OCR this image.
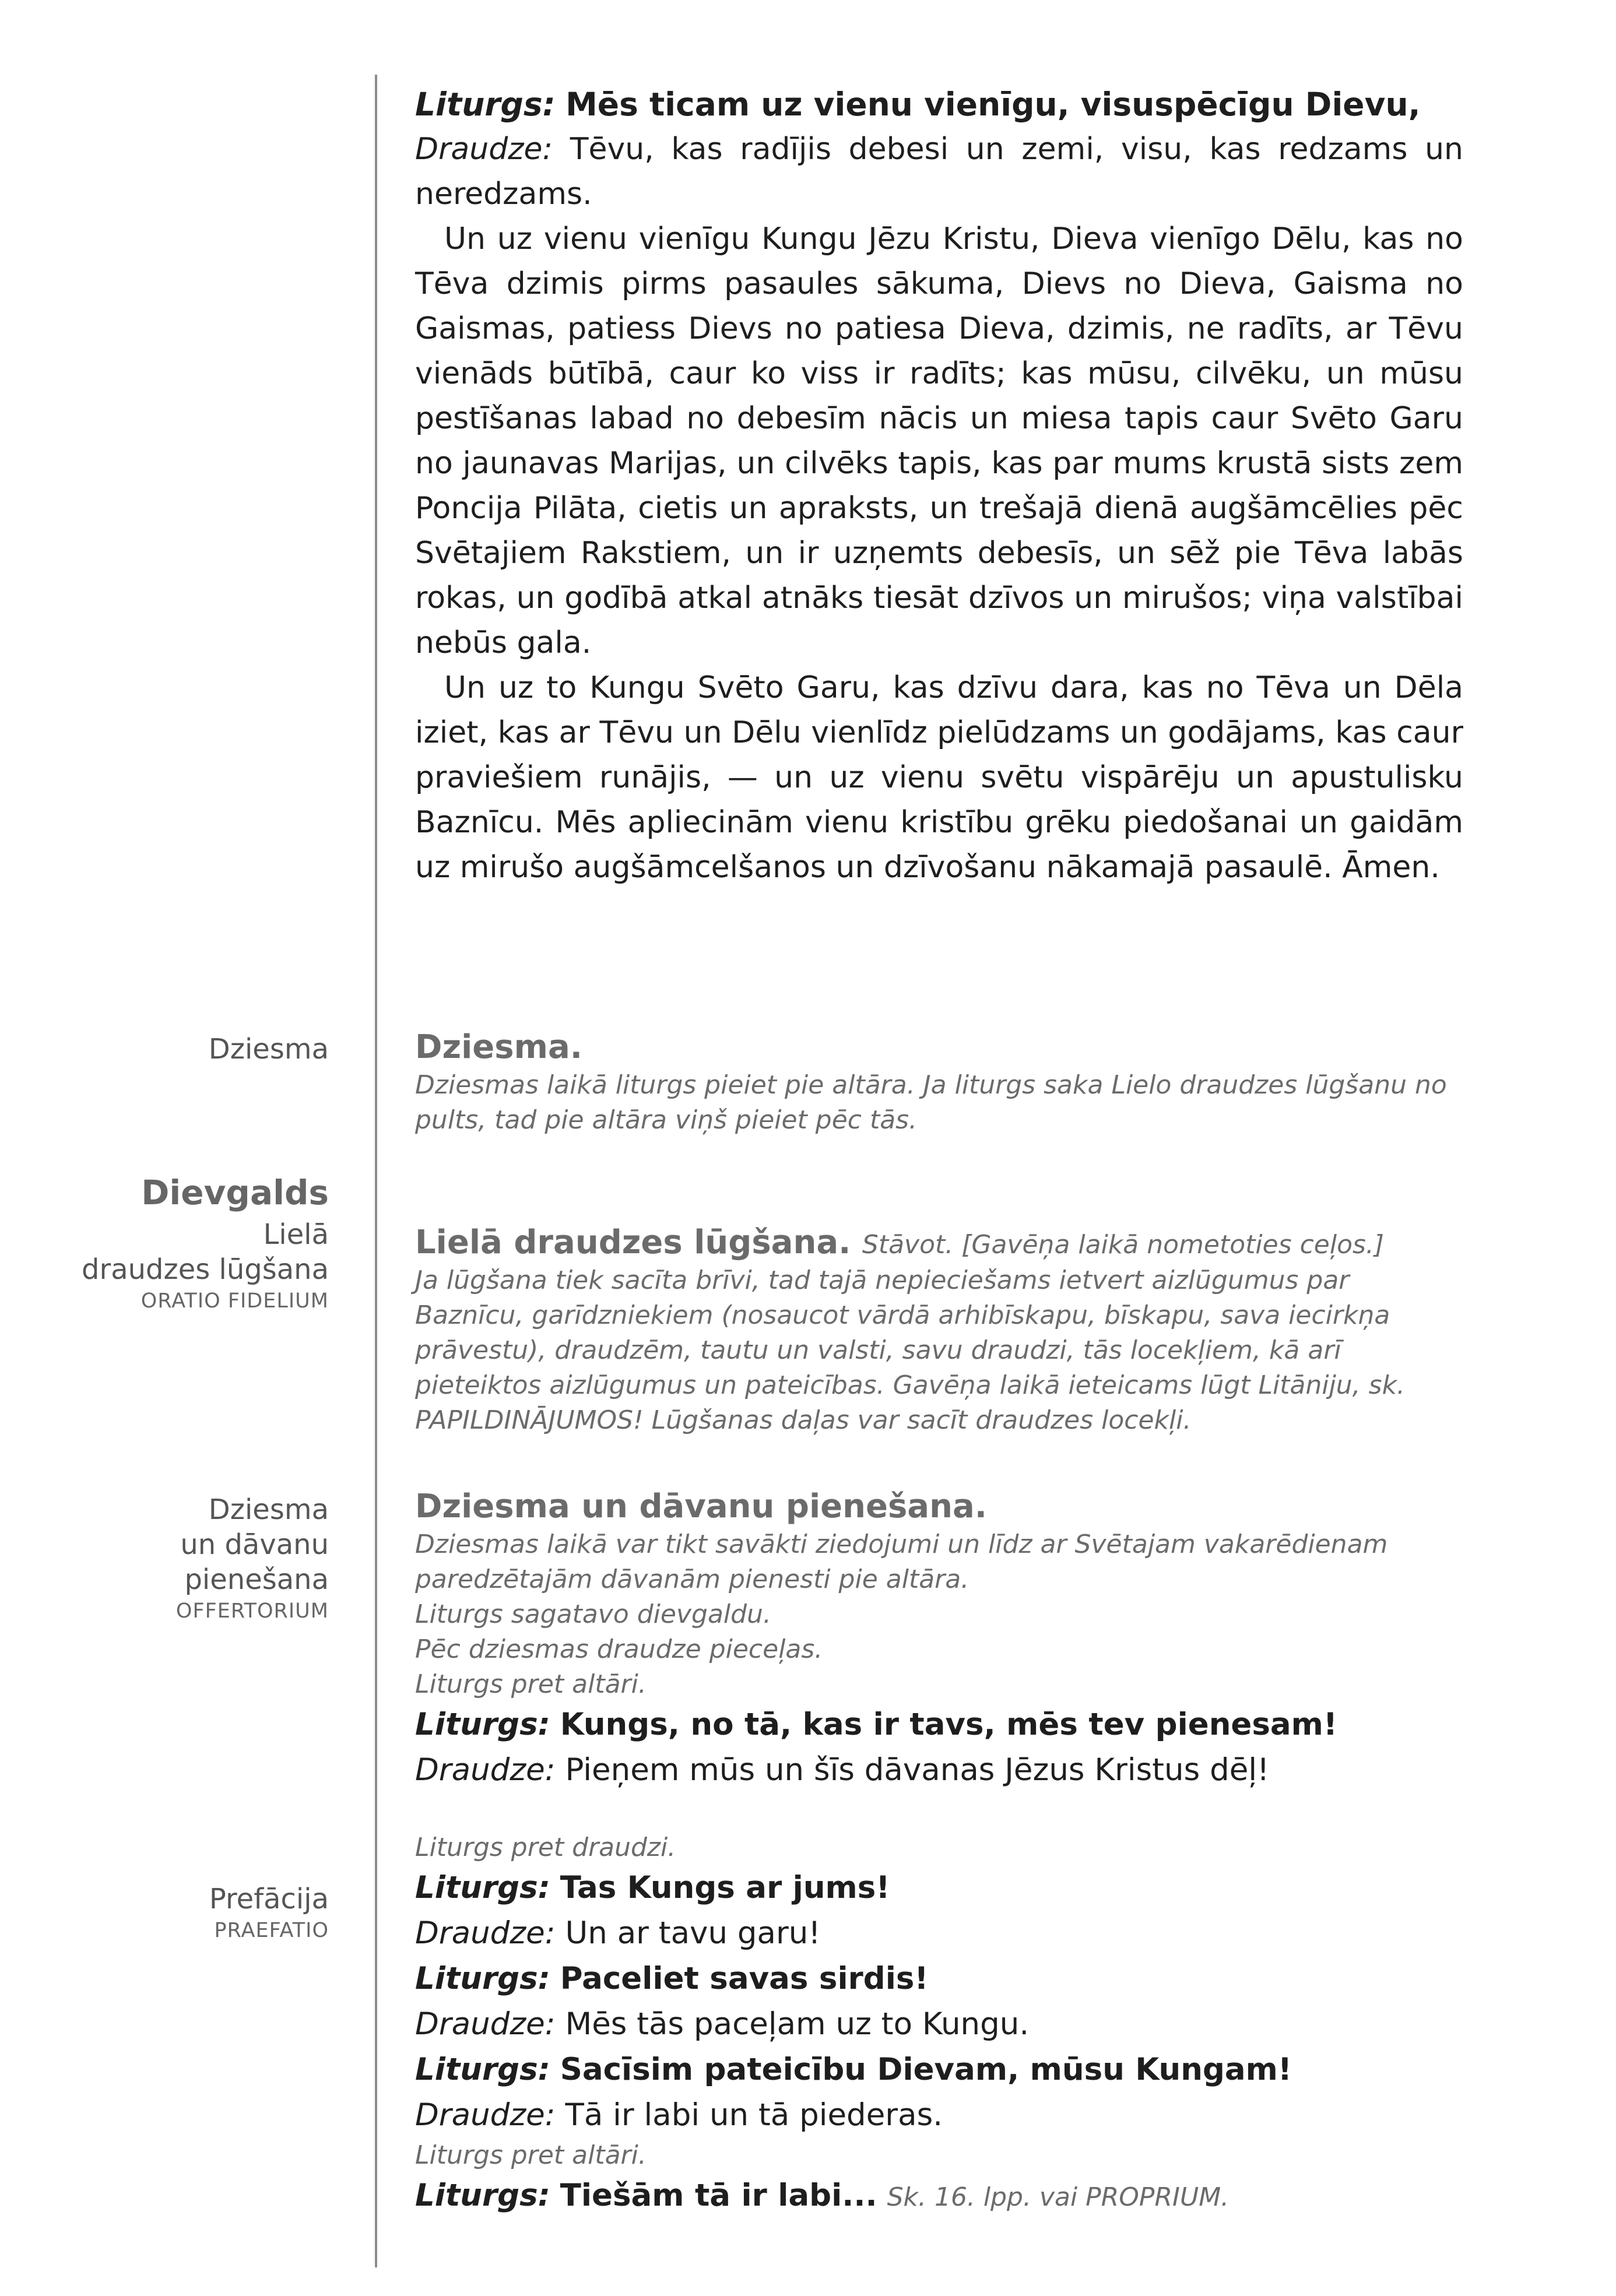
Liturgs: Mēs ticam uz vienu vienīgu, visuspēcīgu Dievu,

Draudze: Tēvu, kas radījis debesi un zemi, visu, kas redzams un neredzams.

Un uz vienu vienīgu Kungu Jēzu Kristu, Dieva vienīgo Dēlu, kas no Tēva dzimis pirms pasaules sākuma, Dievs no Dieva, Gaisma no Gaismas, patiess Dievs no patiesa Dieva, dzimis, ne radīts, ar Tēvu vienāds būtībā, caur ko viss ir radīts; kas mūsu, cilvēku, un mūsu pestīšanas labad no debesīm nācis un miesa tapis caur Svēto Garu no jaunavas Marijas, un cilvēks tapis, kas par mums krustā sists zem Poncija Pilāta, cietis un apraksts, un trešajā dienā augšāmcēlies pēc Svētajiem Rakstiem, un ir uzņemts debesīs, un sēž pie Tēva labās rokas, un godībā atkal atnāks tiesāt dzīvos un mirušos; viņa valstībai nebūs gala.

Un uz to Kungu Svēto Garu, kas dzīvu dara, kas no Tēva un Dēla iziet, kas ar Tēvu un Dēlu vienlīdz pielūdzams un godājams, kas caur praviešiem runājis, — un uz vienu svētu vispārēju un apustulisku Baznīcu. Mēs apliecinām vienu kristību grēku piedošanai un gaidām uz mirušo augšāmcelšanos un dzīvošanu nākamajā pasaulē. Āmen.

Dziesma
Dievgalds
Lielā
draudzes lūgšana
ORATIO FIDELIUM
Dziesma
un dāvanu
pienešana
OFFERTORIUM
Prefācija
PRAEFATIO

Dziesma.

Dziesmas laikā liturgs pieiet pie altāra. Ja liturgs saka Lielo draudzes lūgšanu no pults, tad pie altāra viņš pieiet pēc tās.

Lielā draudzes lūgšana. Stāvot. [Gavēņa laikā nometoties ceļos.]

Ja lūgšana tiek sacīta brīvi, tad tajā nepieciešams ietvert aizlūgumus par Baznīcu, garīdzniekiem (nosaucot vārdā arhibīskapu, bīskapu, sava iecirkņa prāvestu), draudzēm, tautu un valsti, savu draudzi, tās locekļiem, kā arī pieteiktos aizlūgumus un pateicības. Gavēņa laikā ieteicams lūgt Litāniju, sk. PAPILDINĀJUMOS! Lūgšanas daļas var sacīt draudzes locekļi.

Dziesma un dāvanu pienešana.

Dziesmas laikā var tikt savākti ziedojumi un līdz ar Svētajam vakarēdienam paredzētajām dāvanām pienesti pie altāra.

Liturgs sagatavo dievgaldu.

Pēc dziesmas draudze pieceļas.

Liturgs pret altāri.

Liturgs: Kungs, no tā, kas ir tavs, mēs tev pienesam!

Draudze: Pieņem mūs un šīs dāvanas Jēzus Kristus dēļ!

Liturgs pret draudzi.

Liturgs: Tas Kungs ar jums!

Draudze: Un ar tavu garu!

Liturgs: Paceliet savas sirdis!

Draudze: Mēs tās paceļam uz to Kungu.

Liturgs: Sacīsim pateicību Dievam, mūsu Kungam!

Draudze: Tā ir labi un tā piederas.

Liturgs pret altāri.

Liturgs: Tiešām tā ir labi... Sk. 16. lpp. vai PROPRIUM.
